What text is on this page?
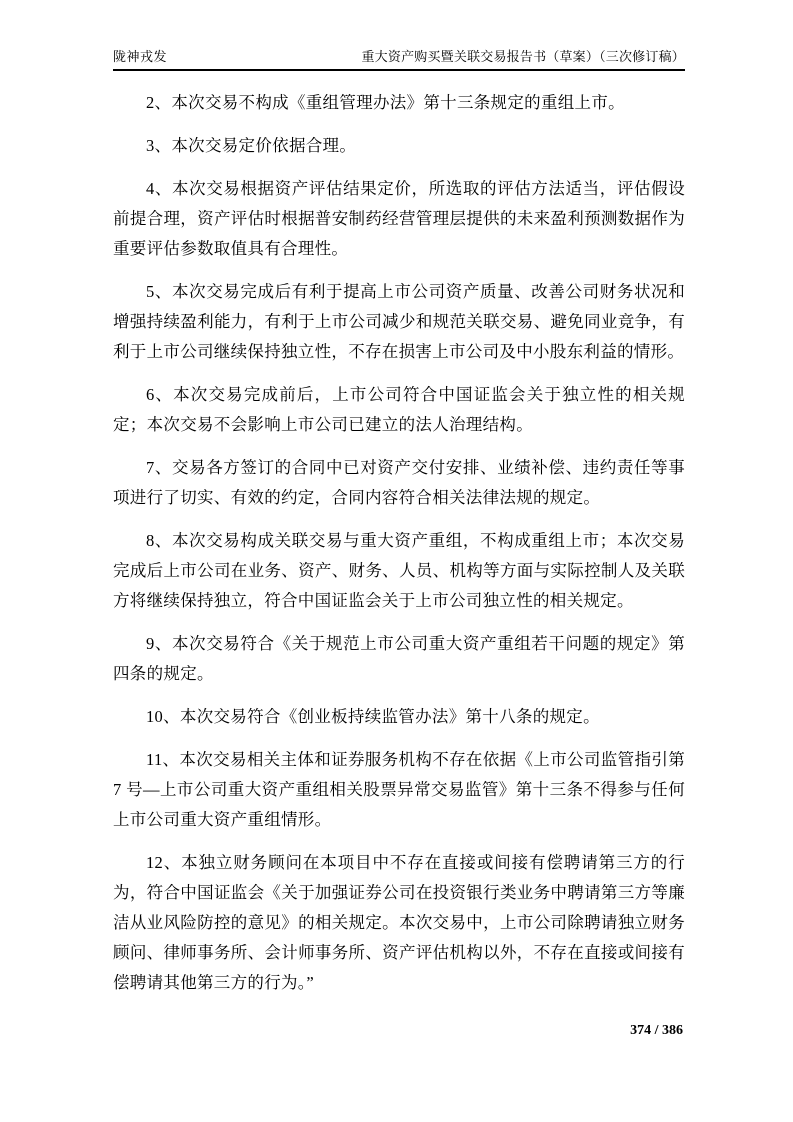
陇神戎发	重大资产购买暨关联交易报告书（草案）（三次修订稿）

2、本次交易不构成《重组管理办法》第十三条规定的重组上市。

3、本次交易定价依据合理。

4、本次交易根据资产评估结果定价，所选取的评估方法适当，评估假设前提合理，资产评估时根据普安制药经营管理层提供的未来盈利预测数据作为重要评估参数取值具有合理性。

5、本次交易完成后有利于提高上市公司资产质量、改善公司财务状况和增强持续盈利能力，有利于上市公司减少和规范关联交易、避免同业竞争，有利于上市公司继续保持独立性，不存在损害上市公司及中小股东利益的情形。

6、本次交易完成前后，上市公司符合中国证监会关于独立性的相关规定；本次交易不会影响上市公司已建立的法人治理结构。

7、交易各方签订的合同中已对资产交付安排、业绩补偿、违约责任等事项进行了切实、有效的约定，合同内容符合相关法律法规的规定。

8、本次交易构成关联交易与重大资产重组，不构成重组上市；本次交易完成后上市公司在业务、资产、财务、人员、机构等方面与实际控制人及关联方将继续保持独立，符合中国证监会关于上市公司独立性的相关规定。

9、本次交易符合《关于规范上市公司重大资产重组若干问题的规定》第四条的规定。

10、本次交易符合《创业板持续监管办法》第十八条的规定。

11、本次交易相关主体和证券服务机构不存在依据《上市公司监管指引第7 号—上市公司重大资产重组相关股票异常交易监管》第十三条不得参与任何上市公司重大资产重组情形。

12、本独立财务顾问在本项目中不存在直接或间接有偿聘请第三方的行为，符合中国证监会《关于加强证券公司在投资银行类业务中聘请第三方等廉洁从业风险防控的意见》的相关规定。本次交易中，上市公司除聘请独立财务顾问、律师事务所、会计师事务所、资产评估机构以外，不存在直接或间接有偿聘请其他第三方的行为。”

374 / 386
